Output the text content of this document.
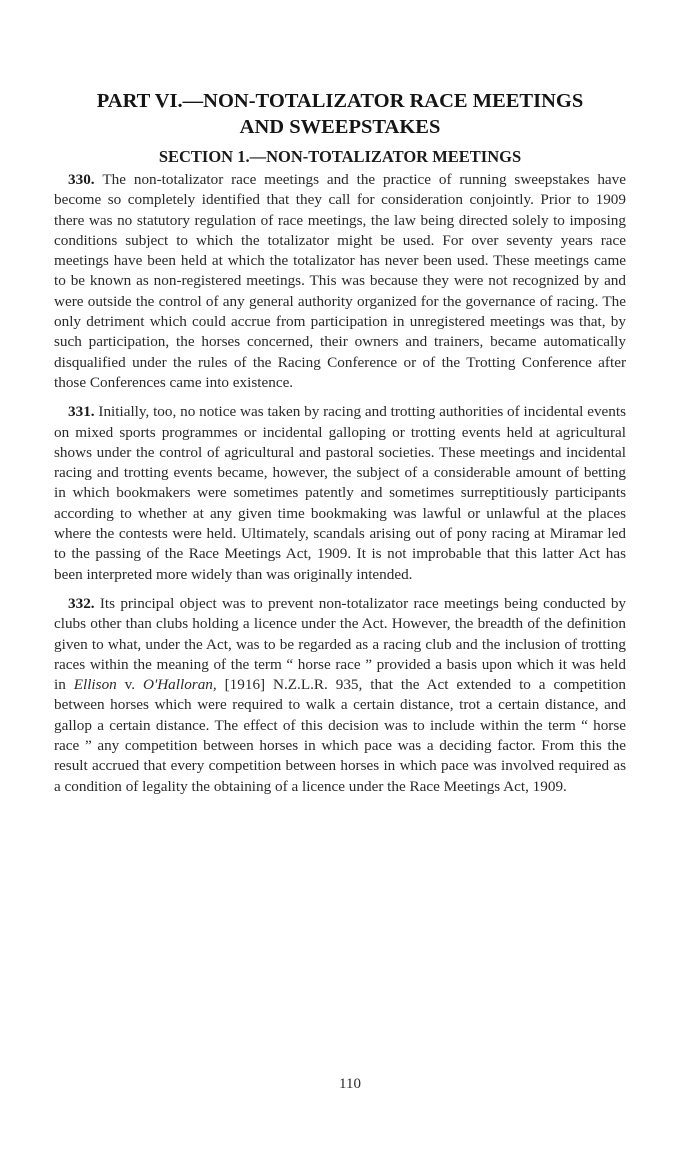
PART VI.—NON-TOTALIZATOR RACE MEETINGS
AND SWEEPSTAKES
SECTION 1.—NON-TOTALIZATOR MEETINGS

330. The non-totalizator race meetings and the practice of running sweepstakes have become so completely identified that they call for consideration conjointly. Prior to 1909 there was no statutory regulation of race meetings, the law being directed solely to imposing conditions subject to which the totalizator might be used. For over seventy years race meetings have been held at which the totalizator has never been used. These meetings came to be known as non-registered meetings. This was because they were not recognized by and were outside the control of any general authority organized for the governance of racing. The only detriment which could accrue from participation in unregistered meetings was that, by such participation, the horses concerned, their owners and trainers, became automatically disqualified under the rules of the Racing Conference or of the Trotting Conference after those Conferences came into existence.

331. Initially, too, no notice was taken by racing and trotting authorities of incidental events on mixed sports programmes or incidental galloping or trotting events held at agricultural shows under the control of agricultural and pastoral societies. These meetings and incidental racing and trotting events became, however, the subject of a considerable amount of betting in which bookmakers were sometimes patently and sometimes surreptitiously participants according to whether at any given time bookmaking was lawful or unlawful at the places where the contests were held. Ultimately, scandals arising out of pony racing at Miramar led to the passing of the Race Meetings Act, 1909. It is not improbable that this latter Act has been interpreted more widely than was originally intended.

332. Its principal object was to prevent non-totalizator race meetings being conducted by clubs other than clubs holding a licence under the Act. However, the breadth of the definition given to what, under the Act, was to be regarded as a racing club and the inclusion of trotting races within the meaning of the term “ horse race ” provided a basis upon which it was held in Ellison v. O'Halloran, [1916] N.Z.L.R. 935, that the Act extended to a competition between horses which were required to walk a certain distance, trot a certain distance, and gallop a certain distance. The effect of this decision was to include within the term “ horse race ” any competition between horses in which pace was a deciding factor. From this the result accrued that every competition between horses in which pace was involved required as a condition of legality the obtaining of a licence under the Race Meetings Act, 1909.

110
